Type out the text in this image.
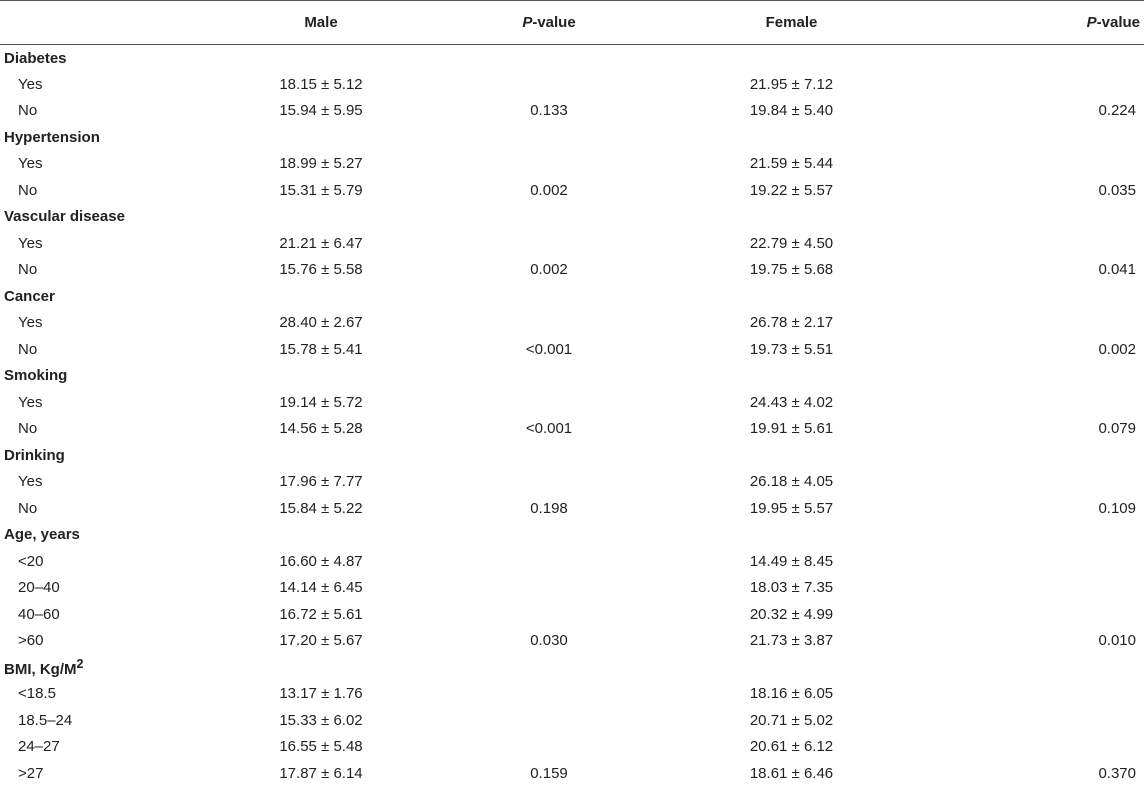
	Male	P-value	Female	P-value
Diabetes				
Yes	18.15 ± 5.12		21.95 ± 7.12	
No	15.94 ± 5.95	0.133	19.84 ± 5.40	0.224
Hypertension				
Yes	18.99 ± 5.27		21.59 ± 5.44	
No	15.31 ± 5.79	0.002	19.22 ± 5.57	0.035
Vascular disease				
Yes	21.21 ± 6.47		22.79 ± 4.50	
No	15.76 ± 5.58	0.002	19.75 ± 5.68	0.041
Cancer				
Yes	28.40 ± 2.67		26.78 ± 2.17	
No	15.78 ± 5.41	<0.001	19.73 ± 5.51	0.002
Smoking				
Yes	19.14 ± 5.72		24.43 ± 4.02	
No	14.56 ± 5.28	<0.001	19.91 ± 5.61	0.079
Drinking				
Yes	17.96 ± 7.77		26.18 ± 4.05	
No	15.84 ± 5.22	0.198	19.95 ± 5.57	0.109
Age, years				
<20	16.60 ± 4.87		14.49 ± 8.45	
20–40	14.14 ± 6.45		18.03 ± 7.35	
40–60	16.72 ± 5.61		20.32 ± 4.99	
>60	17.20 ± 5.67	0.030	21.73 ± 3.87	0.010
BMI, $Kg/M^2$
<18.5	13.17 ± 1.76		18.16 ± 6.05	
18.5–24	15.33 ± 6.02		20.71 ± 5.02	
24–27	16.55 ± 5.48		20.61 ± 6.12	
>27	17.87 ± 6.14	0.159	18.61 ± 6.46	0.370
